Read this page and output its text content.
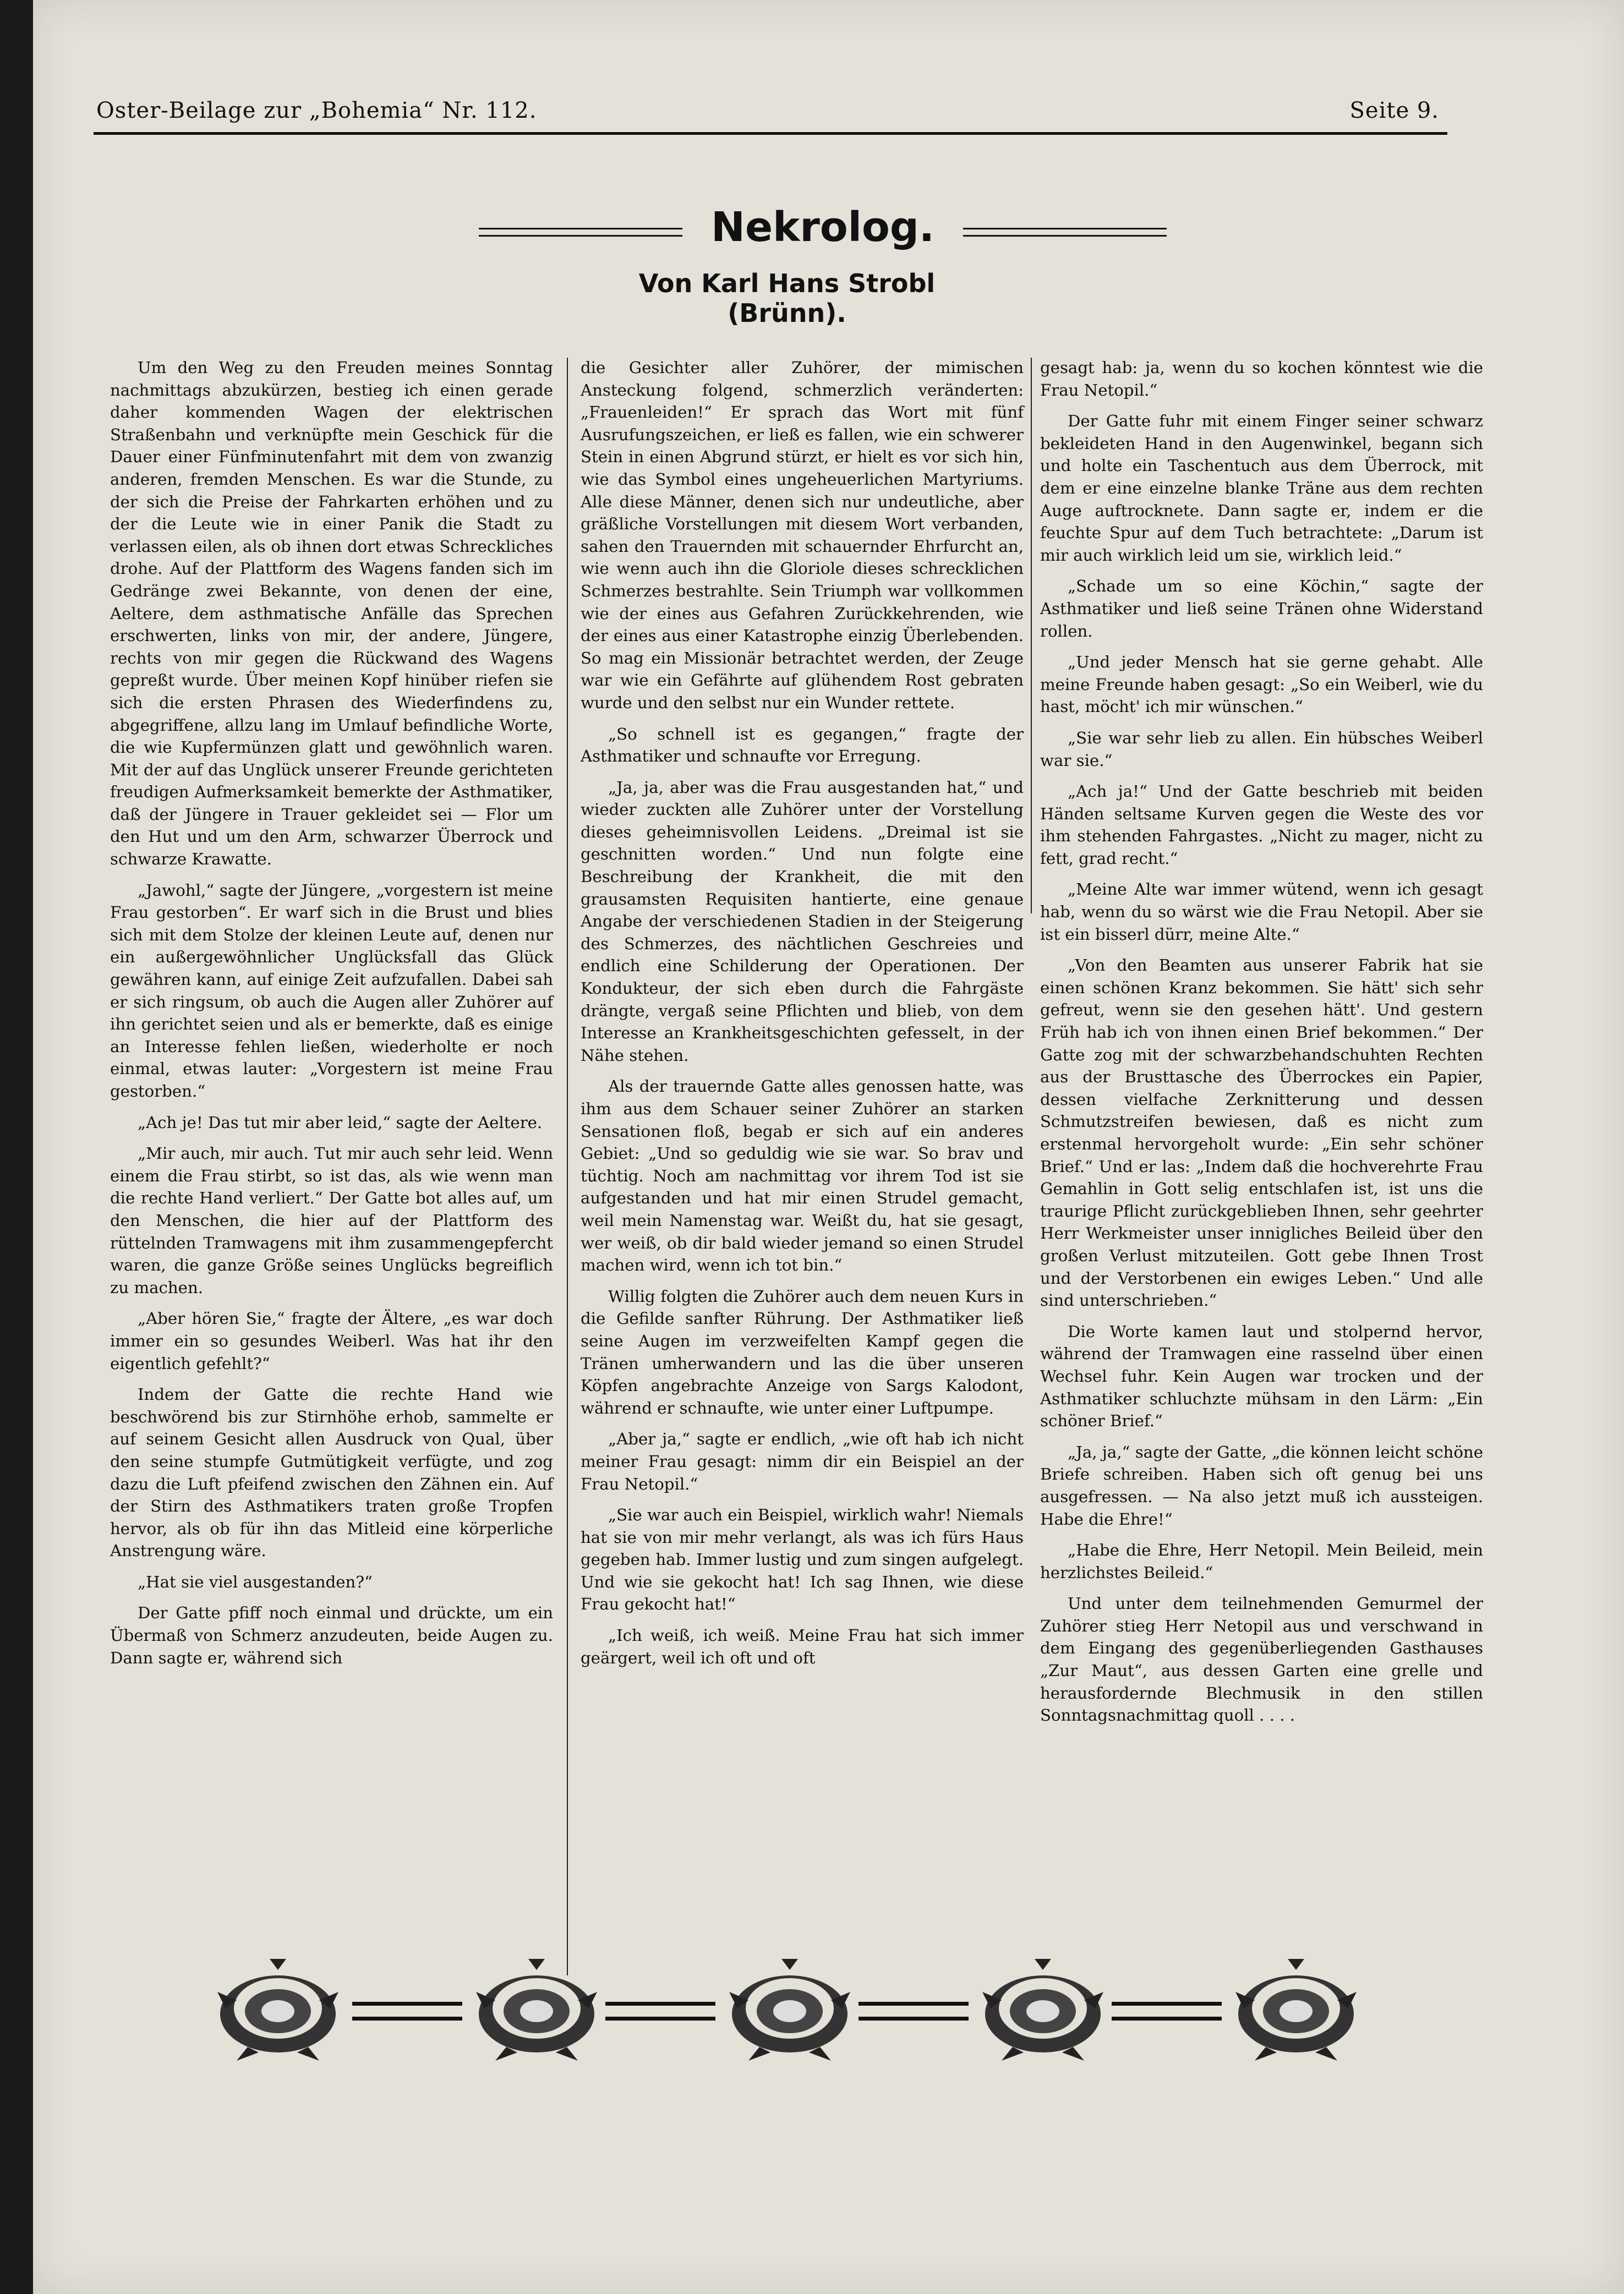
Oster-Beilage zur „Bohemia“ Nr. 112.	Seite 9.
Nekrolog.
Von Karl Hans Strobl (Brünn).

Um den Weg zu den Freuden meines Sonntag nachmittags abzukürzen, bestieg ich einen gerade daher kommenden Wagen der elektrischen Straßenbahn und verknüpfte mein Geschick für die Dauer einer Fünfminutenfahrt mit dem von zwanzig anderen, fremden Menschen. Es war die Stunde, zu der sich die Preise der Fahrkarten erhöhen und zu der die Leute wie in einer Panik die Stadt zu verlassen eilen, als ob ihnen dort etwas Schreckliches drohe. Auf der Plattform des Wagens fanden sich im Gedränge zwei Bekannte, von denen der eine, Aeltere, dem asthmatische Anfälle das Sprechen erschwerten, links von mir, der andere, Jüngere, rechts von mir gegen die Rückwand des Wagens gepreßt wurde. Über meinen Kopf hinüber riefen sie sich die ersten Phrasen des Wiederfindens zu, abgegriffene, allzu lang im Umlauf befindliche Worte, die wie Kupfermünzen glatt und gewöhnlich waren. Mit der auf das Unglück unserer Freunde gerichteten freudigen Aufmerksamkeit bemerkte der Asthmatiker, daß der Jüngere in Trauer gekleidet sei — Flor um den Hut und um den Arm, schwarzer Überrock und schwarze Krawatte.

„Jawohl,“ sagte der Jüngere, „vorgestern ist meine Frau gestorben“. Er warf sich in die Brust und blies sich mit dem Stolze der kleinen Leute auf, denen nur ein außergewöhnlicher Unglücksfall das Glück gewähren kann, auf einige Zeit aufzufallen. Dabei sah er sich ringsum, ob auch die Augen aller Zuhörer auf ihn gerichtet seien und als er bemerkte, daß es einige an Interesse fehlen ließen, wiederholte er noch einmal, etwas lauter: „Vorgestern ist meine Frau gestorben.“

„Ach je! Das tut mir aber leid,“ sagte der Aeltere.

„Mir auch, mir auch. Tut mir auch sehr leid. Wenn einem die Frau stirbt, so ist das, als wie wenn man die rechte Hand verliert.“ Der Gatte bot alles auf, um den Menschen, die hier auf der Plattform des rüttelnden Tramwagens mit ihm zusammengepfercht waren, die ganze Größe seines Unglücks begreiflich zu machen.

„Aber hören Sie,“ fragte der Ältere, „es war doch immer ein so gesundes Weiberl. Was hat ihr den eigentlich gefehlt?“

Indem der Gatte die rechte Hand wie beschwörend bis zur Stirnhöhe erhob, sammelte er auf seinem Gesicht allen Ausdruck von Qual, über den seine stumpfe Gutmütigkeit verfügte, und zog dazu die Luft pfeifend zwischen den Zähnen ein. Auf der Stirn des Asthmatikers traten große Tropfen hervor, als ob für ihn das Mitleid eine körperliche Anstrengung wäre.

„Hat sie viel ausgestanden?“

Der Gatte pfiff noch einmal und drückte, um ein Übermaß von Schmerz anzudeuten, beide Augen zu. Dann sagte er, während sich

die Gesichter aller Zuhörer, der mimischen Ansteckung folgend, schmerzlich veränderten: „Frauenleiden!“ Er sprach das Wort mit fünf Ausrufungszeichen, er ließ es fallen, wie ein schwerer Stein in einen Abgrund stürzt, er hielt es vor sich hin, wie das Symbol eines ungeheuerlichen Martyriums. Alle diese Männer, denen sich nur undeutliche, aber gräßliche Vorstellungen mit diesem Wort verbanden, sahen den Trauernden mit schauernder Ehrfurcht an, wie wenn auch ihn die Gloriole dieses schrecklichen Schmerzes bestrahlte. Sein Triumph war vollkommen wie der eines aus Gefahren Zurückkehrenden, wie der eines aus einer Katastrophe einzig Überlebenden. So mag ein Missionär betrachtet werden, der Zeuge war wie ein Gefährte auf glühendem Rost gebraten wurde und den selbst nur ein Wunder rettete.

„So schnell ist es gegangen,“ fragte der Asthmatiker und schnaufte vor Erregung.

„Ja, ja, aber was die Frau ausgestanden hat,“ und wieder zuckten alle Zuhörer unter der Vorstellung dieses geheimnisvollen Leidens. „Dreimal ist sie geschnitten worden.“ Und nun folgte eine Beschreibung der Krankheit, die mit den grausamsten Requisiten hantierte, eine genaue Angabe der verschiedenen Stadien in der Steigerung des Schmerzes, des nächtlichen Geschreies und endlich eine Schilderung der Operationen. Der Kondukteur, der sich eben durch die Fahrgäste drängte, vergaß seine Pflichten und blieb, von dem Interesse an Krankheitsgeschichten gefesselt, in der Nähe stehen.

Als der trauernde Gatte alles genossen hatte, was ihm aus dem Schauer seiner Zuhörer an starken Sensationen floß, begab er sich auf ein anderes Gebiet: „Und so geduldig wie sie war. So brav und tüchtig. Noch am nachmittag vor ihrem Tod ist sie aufgestanden und hat mir einen Strudel gemacht, weil mein Namenstag war. Weißt du, hat sie gesagt, wer weiß, ob dir bald wieder jemand so einen Strudel machen wird, wenn ich tot bin.“

Willig folgten die Zuhörer auch dem neuen Kurs in die Gefilde sanfter Rührung. Der Asthmatiker ließ seine Augen im verzweifelten Kampf gegen die Tränen umherwandern und las die über unseren Köpfen angebrachte Anzeige von Sargs Kalodont, während er schnaufte, wie unter einer Luftpumpe.

„Aber ja,“ sagte er endlich, „wie oft hab ich nicht meiner Frau gesagt: nimm dir ein Beispiel an der Frau Netopil.“

„Sie war auch ein Beispiel, wirklich wahr! Niemals hat sie von mir mehr verlangt, als was ich fürs Haus gegeben hab. Immer lustig und zum singen aufgelegt. Und wie sie gekocht hat! Ich sag Ihnen, wie diese Frau gekocht hat!“

„Ich weiß, ich weiß. Meine Frau hat sich immer geärgert, weil ich oft und oft

gesagt hab: ja, wenn du so kochen könntest wie die Frau Netopil.“

Der Gatte fuhr mit einem Finger seiner schwarz bekleideten Hand in den Augenwinkel, begann sich und holte ein Taschentuch aus dem Überrock, mit dem er eine einzelne blanke Träne aus dem rechten Auge auftrocknete. Dann sagte er, indem er die feuchte Spur auf dem Tuch betrachtete: „Darum ist mir auch wirklich leid um sie, wirklich leid.“

„Schade um so eine Köchin,“ sagte der Asthmatiker und ließ seine Tränen ohne Widerstand rollen.

„Und jeder Mensch hat sie gerne gehabt. Alle meine Freunde haben gesagt: „So ein Weiberl, wie du hast, möcht' ich mir wünschen.“

„Sie war sehr lieb zu allen. Ein hübsches Weiberl war sie.“

„Ach ja!“ Und der Gatte beschrieb mit beiden Händen seltsame Kurven gegen die Weste des vor ihm stehenden Fahrgastes. „Nicht zu mager, nicht zu fett, grad recht.“

„Meine Alte war immer wütend, wenn ich gesagt hab, wenn du so wärst wie die Frau Netopil. Aber sie ist ein bisserl dürr, meine Alte.“

„Von den Beamten aus unserer Fabrik hat sie einen schönen Kranz bekommen. Sie hätt' sich sehr gefreut, wenn sie den gesehen hätt'. Und gestern Früh hab ich von ihnen einen Brief bekommen.“ Der Gatte zog mit der schwarzbehandschuhten Rechten aus der Brusttasche des Überrockes ein Papier, dessen vielfache Zerknitterung und dessen Schmutzstreifen bewiesen, daß es nicht zum erstenmal hervorgeholt wurde: „Ein sehr schöner Brief.“ Und er las: „Indem daß die hochverehrte Frau Gemahlin in Gott selig entschlafen ist, ist uns die traurige Pflicht zurückgeblieben Ihnen, sehr geehrter Herr Werkmeister unser innigliches Beileid über den großen Verlust mitzuteilen. Gott gebe Ihnen Trost und der Verstorbenen ein ewiges Leben.“ Und alle sind unterschrieben.“

Die Worte kamen laut und stolpernd hervor, während der Tramwagen eine rasselnd über einen Wechsel fuhr. Kein Augen war trocken und der Asthmatiker schluchzte mühsam in den Lärm: „Ein schöner Brief.“

„Ja, ja,“ sagte der Gatte, „die können leicht schöne Briefe schreiben. Haben sich oft genug bei uns ausgefressen. — Na also jetzt muß ich aussteigen. Habe die Ehre!“

„Habe die Ehre, Herr Netopil. Mein Beileid, mein herzlichstes Beileid.“

Und unter dem teilnehmenden Gemurmel der Zuhörer stieg Herr Netopil aus und verschwand in dem Eingang des gegenüberliegenden Gasthauses „Zur Maut“, aus dessen Garten eine grelle und herausfordernde Blechmusik in den stillen Sonntagsnachmittag quoll . . . .
